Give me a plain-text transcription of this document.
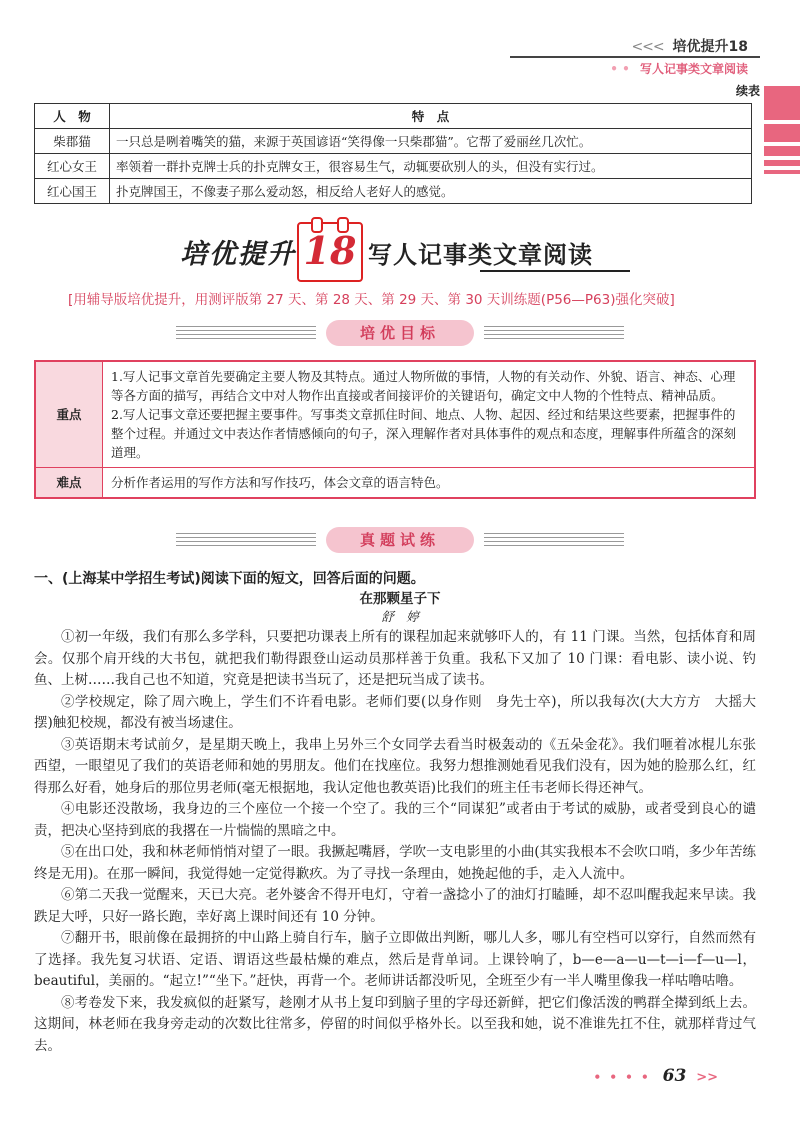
<<< 培优提升18
• • 写人记事类文章阅读
续表
人　物	特　点
柴郡猫	一只总是咧着嘴笑的猫，来源于英国谚语“笑得像一只柴郡猫”。它帮了爱丽丝几次忙。
红心女王	率领着一群扑克牌士兵的扑克牌女王，很容易生气，动辄要砍别人的头，但没有实行过。
红心国王	扑克牌国王，不像妻子那么爱动怒，相反给人老好人的感觉。
培优提升 18 写人记事类文章阅读
[用辅导版培优提升，用测评版第 27 天、第 28 天、第 29 天、第 30 天训练题(P56—P63)强化突破]
培优目标
重点	1.写人记事文章首先要确定主要人物及其特点。通过人物所做的事情，人物的有关动作、外貌、语言、神态、心理等各方面的描写，再结合文中对人物作出直接或者间接评价的关键语句，确定文中人物的个性特点、精神品质。
2.写人记事文章还要把握主要事件。写事类文章抓住时间、地点、人物、起因、经过和结果这些要素，把握事件的整个过程。并通过文中表达作者情感倾向的句子，深入理解作者对具体事件的观点和态度，理解事件所蕴含的深刻道理。

难点	分析作者运用的写作方法和写作技巧，体会文章的语言特色。
真题试练
一、(上海某中学招生考试)阅读下面的短文，回答后面的问题。
在那颗星子下
舒　婷

①初一年级，我们有那么多学科，只要把功课表上所有的课程加起来就够吓人的，有 11 门课。当然，包括体育和周会。仅那个肩开线的大书包，就把我们勒得跟登山运动员那样善于负重。我私下又加了 10 门课：看电影、读小说、钓鱼、上树……我自己也不知道，究竟是把读书当玩了，还是把玩当成了读书。

②学校规定，除了周六晚上，学生们不许看电影。老师们要(以身作则　身先士卒)，所以我每次(大大方方　大摇大摆)触犯校规，都没有被当场逮住。

③英语期末考试前夕，是星期天晚上，我串上另外三个女同学去看当时极轰动的《五朵金花》。我们咂着冰棍儿东张西望，一眼望见了我们的英语老师和她的男朋友。他们在找座位。我努力想推测她看见我们没有，因为她的脸那么红，红得那么好看，她身后的那位男老师(毫无根据地，我认定他也教英语)比我们的班主任韦老师长得还神气。

④电影还没散场，我身边的三个座位一个接一个空了。我的三个“同谋犯”或者由于考试的威胁，或者受到良心的谴责，把决心坚持到底的我撂在一片惴惴的黑暗之中。

⑤在出口处，我和林老师悄悄对望了一眼。我撅起嘴唇，学吹一支电影里的小曲(其实我根本不会吹口哨，多少年苦练终是无用)。在那一瞬间，我觉得她一定觉得歉疚。为了寻找一条理由，她挽起他的手，走入人流中。

⑥第二天我一觉醒来，天已大亮。老外婆舍不得开电灯，守着一盏捻小了的油灯打瞌睡，却不忍叫醒我起来早读。我跌足大呼，只好一路长跑，幸好离上课时间还有 10 分钟。

⑦翻开书，眼前像在最拥挤的中山路上骑自行车，脑子立即做出判断，哪儿人多，哪儿有空档可以穿行，自然而然有了选择。我先复习状语、定语、谓语这些最枯燥的难点，然后是背单词。上课铃响了，b—e—a—u—t—i—f—u—l，beautiful，美丽的。“起立!”“坐下。”赶快，再背一个。老师讲话都没听见，全班至少有一半人嘴里像我一样咕噜咕噜。

⑧考卷发下来，我发疯似的赶紧写，趁刚才从书上复印到脑子里的字母还新鲜，把它们像活泼的鸭群全撵到纸上去。这期间，林老师在我身旁走动的次数比往常多，停留的时间似乎格外长。以至我和她，说不准谁先扛不住，就那样背过气去。

• • • • 63 >>
